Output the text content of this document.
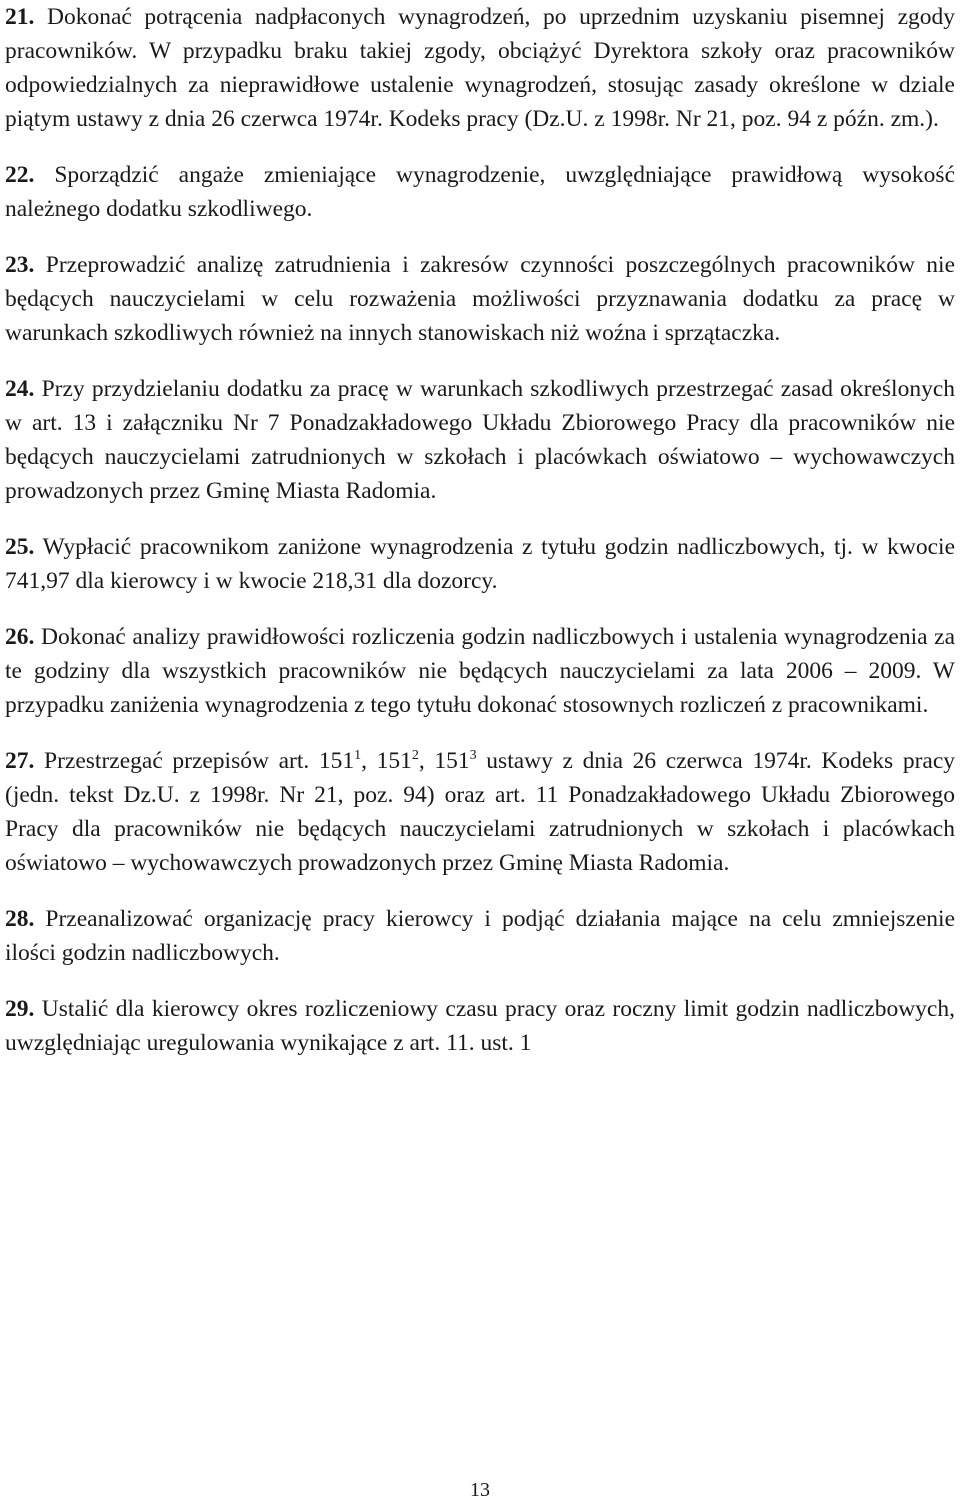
21. Dokonać potrącenia nadpłaconych wynagrodzeń, po uprzednim uzyskaniu pisemnej zgody pracowników. W przypadku braku takiej zgody, obciążyć Dyrektora szkoły oraz pracowników odpowiedzialnych za nieprawidłowe ustalenie wynagrodzeń, stosując zasady określone w dziale piątym ustawy z dnia 26 czerwca 1974r. Kodeks pracy (Dz.U. z 1998r. Nr 21, poz. 94 z późn. zm.).

22. Sporządzić angaże zmieniające wynagrodzenie, uwzględniające prawidłową wysokość należnego dodatku szkodliwego.

23. Przeprowadzić analizę zatrudnienia i zakresów czynności poszczególnych pracowników nie będących nauczycielami w celu rozważenia możliwości przyznawania dodatku za pracę w warunkach szkodliwych również na innych stanowiskach niż woźna i sprzątaczka.

24. Przy przydzielaniu dodatku za pracę w warunkach szkodliwych przestrzegać zasad określonych w art. 13 i załączniku Nr 7 Ponadzakładowego Układu Zbiorowego Pracy dla pracowników nie będących nauczycielami zatrudnionych w szkołach i placówkach oświatowo – wychowawczych prowadzonych przez Gminę Miasta Radomia.

25. Wypłacić pracownikom zaniżone wynagrodzenia z tytułu godzin nadliczbowych, tj. w kwocie 741,97 dla kierowcy i w kwocie 218,31 dla dozorcy.

26. Dokonać analizy prawidłowości rozliczenia godzin nadliczbowych i ustalenia wynagrodzenia za te godziny dla wszystkich pracowników nie będących nauczycielami za lata 2006 – 2009. W przypadku zaniżenia wynagrodzenia z tego tytułu dokonać stosownych rozliczeń z pracownikami.

27. Przestrzegać przepisów art. $151^1$, $151^2$, $151^3$ ustawy z dnia 26 czerwca 1974r. Kodeks pracy (jedn. tekst Dz.U. z 1998r. Nr 21, poz. 94) oraz art. 11 Ponadzakładowego Układu Zbiorowego Pracy dla pracowników nie będących nauczycielami zatrudnionych w szkołach i placówkach oświatowo – wychowawczych prowadzonych przez Gminę Miasta Radomia.

28. Przeanalizować organizację pracy kierowcy i podjąć działania mające na celu zmniejszenie ilości godzin nadliczbowych.

29. Ustalić dla kierowcy okres rozliczeniowy czasu pracy oraz roczny limit godzin nadliczbowych, uwzględniając uregulowania wynikające z art. 11. ust. 1

13
